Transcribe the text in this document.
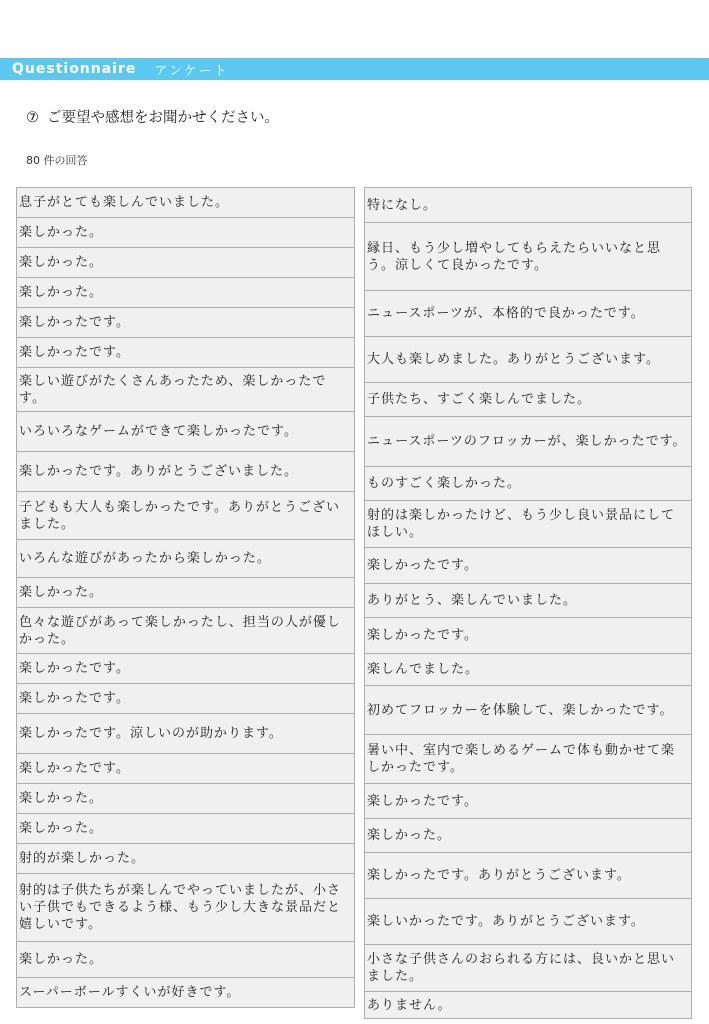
Questionnaire アンケート
⑦ ご要望や感想をお聞かせください。
80 件の回答
息子がとても楽しんでいました。
楽しかった。
楽しかった。
楽しかった。
楽しかったです。
楽しかったです。
楽しい遊びがたくさんあったため、楽しかったです。
いろいろなゲームができて楽しかったです。
楽しかったです。ありがとうございました。
子どもも大人も楽しかったです。ありがとうございました。
いろんな遊びがあったから楽しかった。
楽しかった。
色々な遊びがあって楽しかったし、担当の人が優しかった。
楽しかったです。
楽しかったです。
楽しかったです。涼しいのが助かります。
楽しかったです。
楽しかった。
楽しかった。
射的が楽しかった。
射的は子供たちが楽しんでやっていましたが、小さい子供でもできるよう様、もう少し大きな景品だと嬉しいです。
楽しかった。
スーパーボールすくいが好きです。
特になし。
縁日、もう少し増やしてもらえたらいいなと思う。涼しくて良かったです。
ニュースポーツが、本格的で良かったです。
大人も楽しめました。ありがとうございます。
子供たち、すごく楽しんでました。
ニュースポーツのフロッカーが、楽しかったです。
ものすごく楽しかった。
射的は楽しかったけど、もう少し良い景品にしてほしい。
楽しかったです。
ありがとう、楽しんでいました。
楽しかったです。
楽しんでました。
初めてフロッカーを体験して、楽しかったです。
暑い中、室内で楽しめるゲームで体も動かせて楽しかったです。
楽しかったです。
楽しかった。
楽しかったです。ありがとうございます。
楽しいかったです。ありがとうございます。
小さな子供さんのおられる方には、良いかと思いました。
ありません。
